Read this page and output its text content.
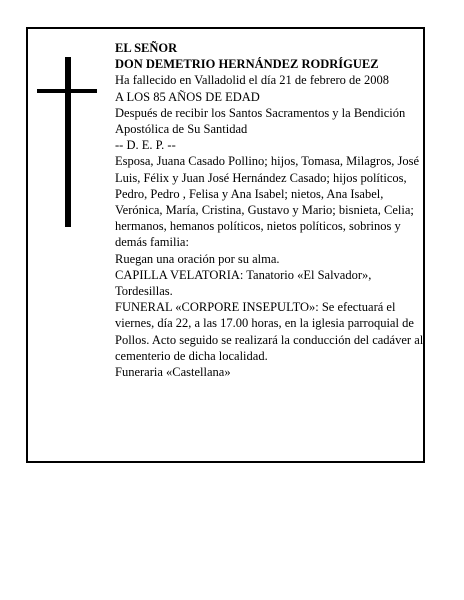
EL SEÑOR

DON DEMETRIO HERNÁNDEZ RODRÍGUEZ

Ha fallecido en Valladolid el día 21 de febrero de 2008

A LOS 85 AÑOS DE EDAD

Después de recibir los Santos Sacramentos y la Bendición Apostólica de Su Santidad

-- D. E. P. --

Esposa, Juana Casado Pollino; hijos, Tomasa, Milagros, José Luis, Félix y Juan José Hernández Casado; hijos políticos, Pedro, Pedro , Felisa y Ana Isabel; nietos, Ana Isabel, Verónica, María, Cristina, Gustavo y Mario; bisnieta, Celia; hermanos, hemanos políticos, nietos políticos, sobrinos y demás familia:

Ruegan una oración por su alma.

CAPILLA VELATORIA: Tanatorio «El Salvador», Tordesillas.

FUNERAL «CORPORE INSEPULTO»: Se efectuará el viernes, día 22, a las 17.00 horas, en la iglesia parroquial de Pollos. Acto seguido se realizará la conducción del cadáver al cementerio de dicha localidad.

Funeraria «Castellana»
